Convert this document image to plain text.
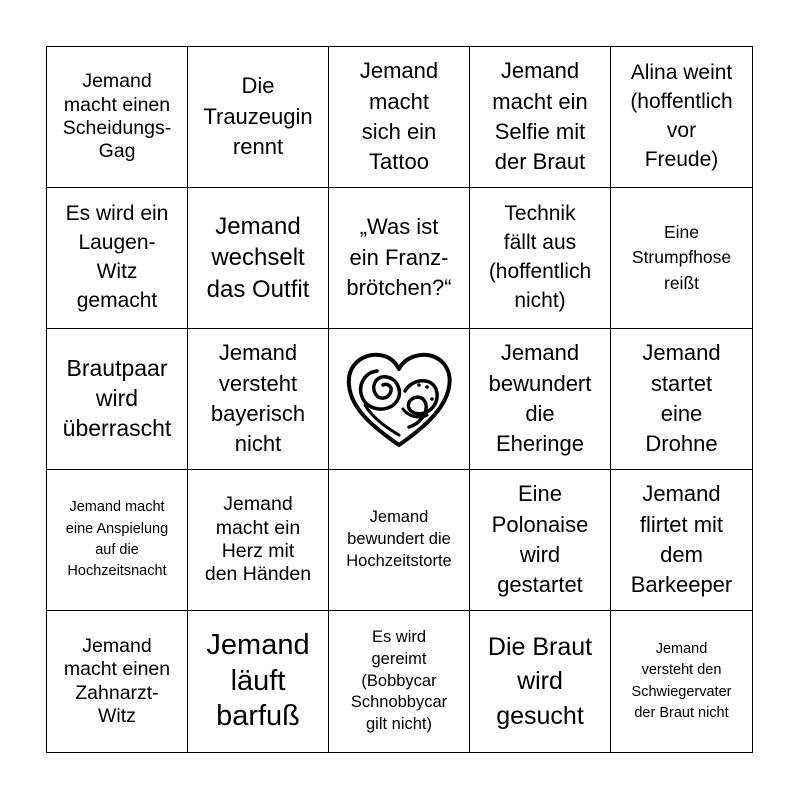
Jemand
macht einen
Scheidungs-
Gag
Die
Trauzeugin
rennt
Jemand
macht
sich ein
Tattoo
Jemand
macht ein
Selfie mit
der Braut
Alina weint
(hoffentlich
vor
Freude)
Es wird ein
Laugen-
Witz
gemacht
Jemand
wechselt
das Outfit
„Was ist
ein Franz-
brötchen?“
Technik
fällt aus
(hoffentlich
nicht)
Eine
Strumpfhose
reißt
Brautpaar
wird
überrascht
Jemand
versteht
bayerisch
nicht
Jemand
bewundert
die
Eheringe
Jemand
startet
eine
Drohne
Jemand macht
eine Anspielung
auf die
Hochzeitsnacht
Jemand
macht ein
Herz mit
den Händen
Jemand
bewundert die
Hochzeitstorte
Eine
Polonaise
wird
gestartet
Jemand
flirtet mit
dem
Barkeeper
Jemand
macht einen
Zahnarzt-
Witz
Jemand
läuft
barfuß
Es wird
gereimt
(Bobbycar
Schnobbycar
gilt nicht)
Die Braut
wird
gesucht
Jemand
versteht den
Schwiegervater
der Braut nicht
